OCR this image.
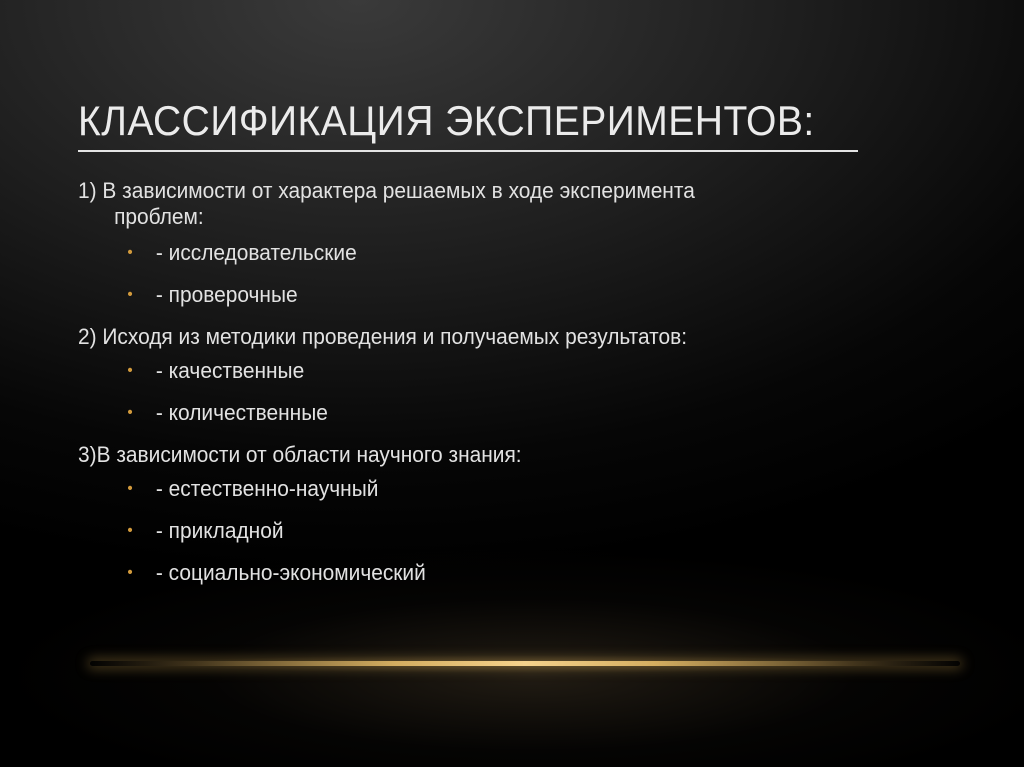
КЛАССИФИКАЦИЯ ЭКСПЕРИМЕНТОВ:

1) В зависимости от характера решаемых в ходе эксперимента
проблем:

• - исследовательские
• - проверочные

2) Исходя из методики проведения и получаемых результатов:

• - качественные
• - количественные

3)В зависимости от области научного знания:

• - естественно-научный
• - прикладной
• - социально-экономический
